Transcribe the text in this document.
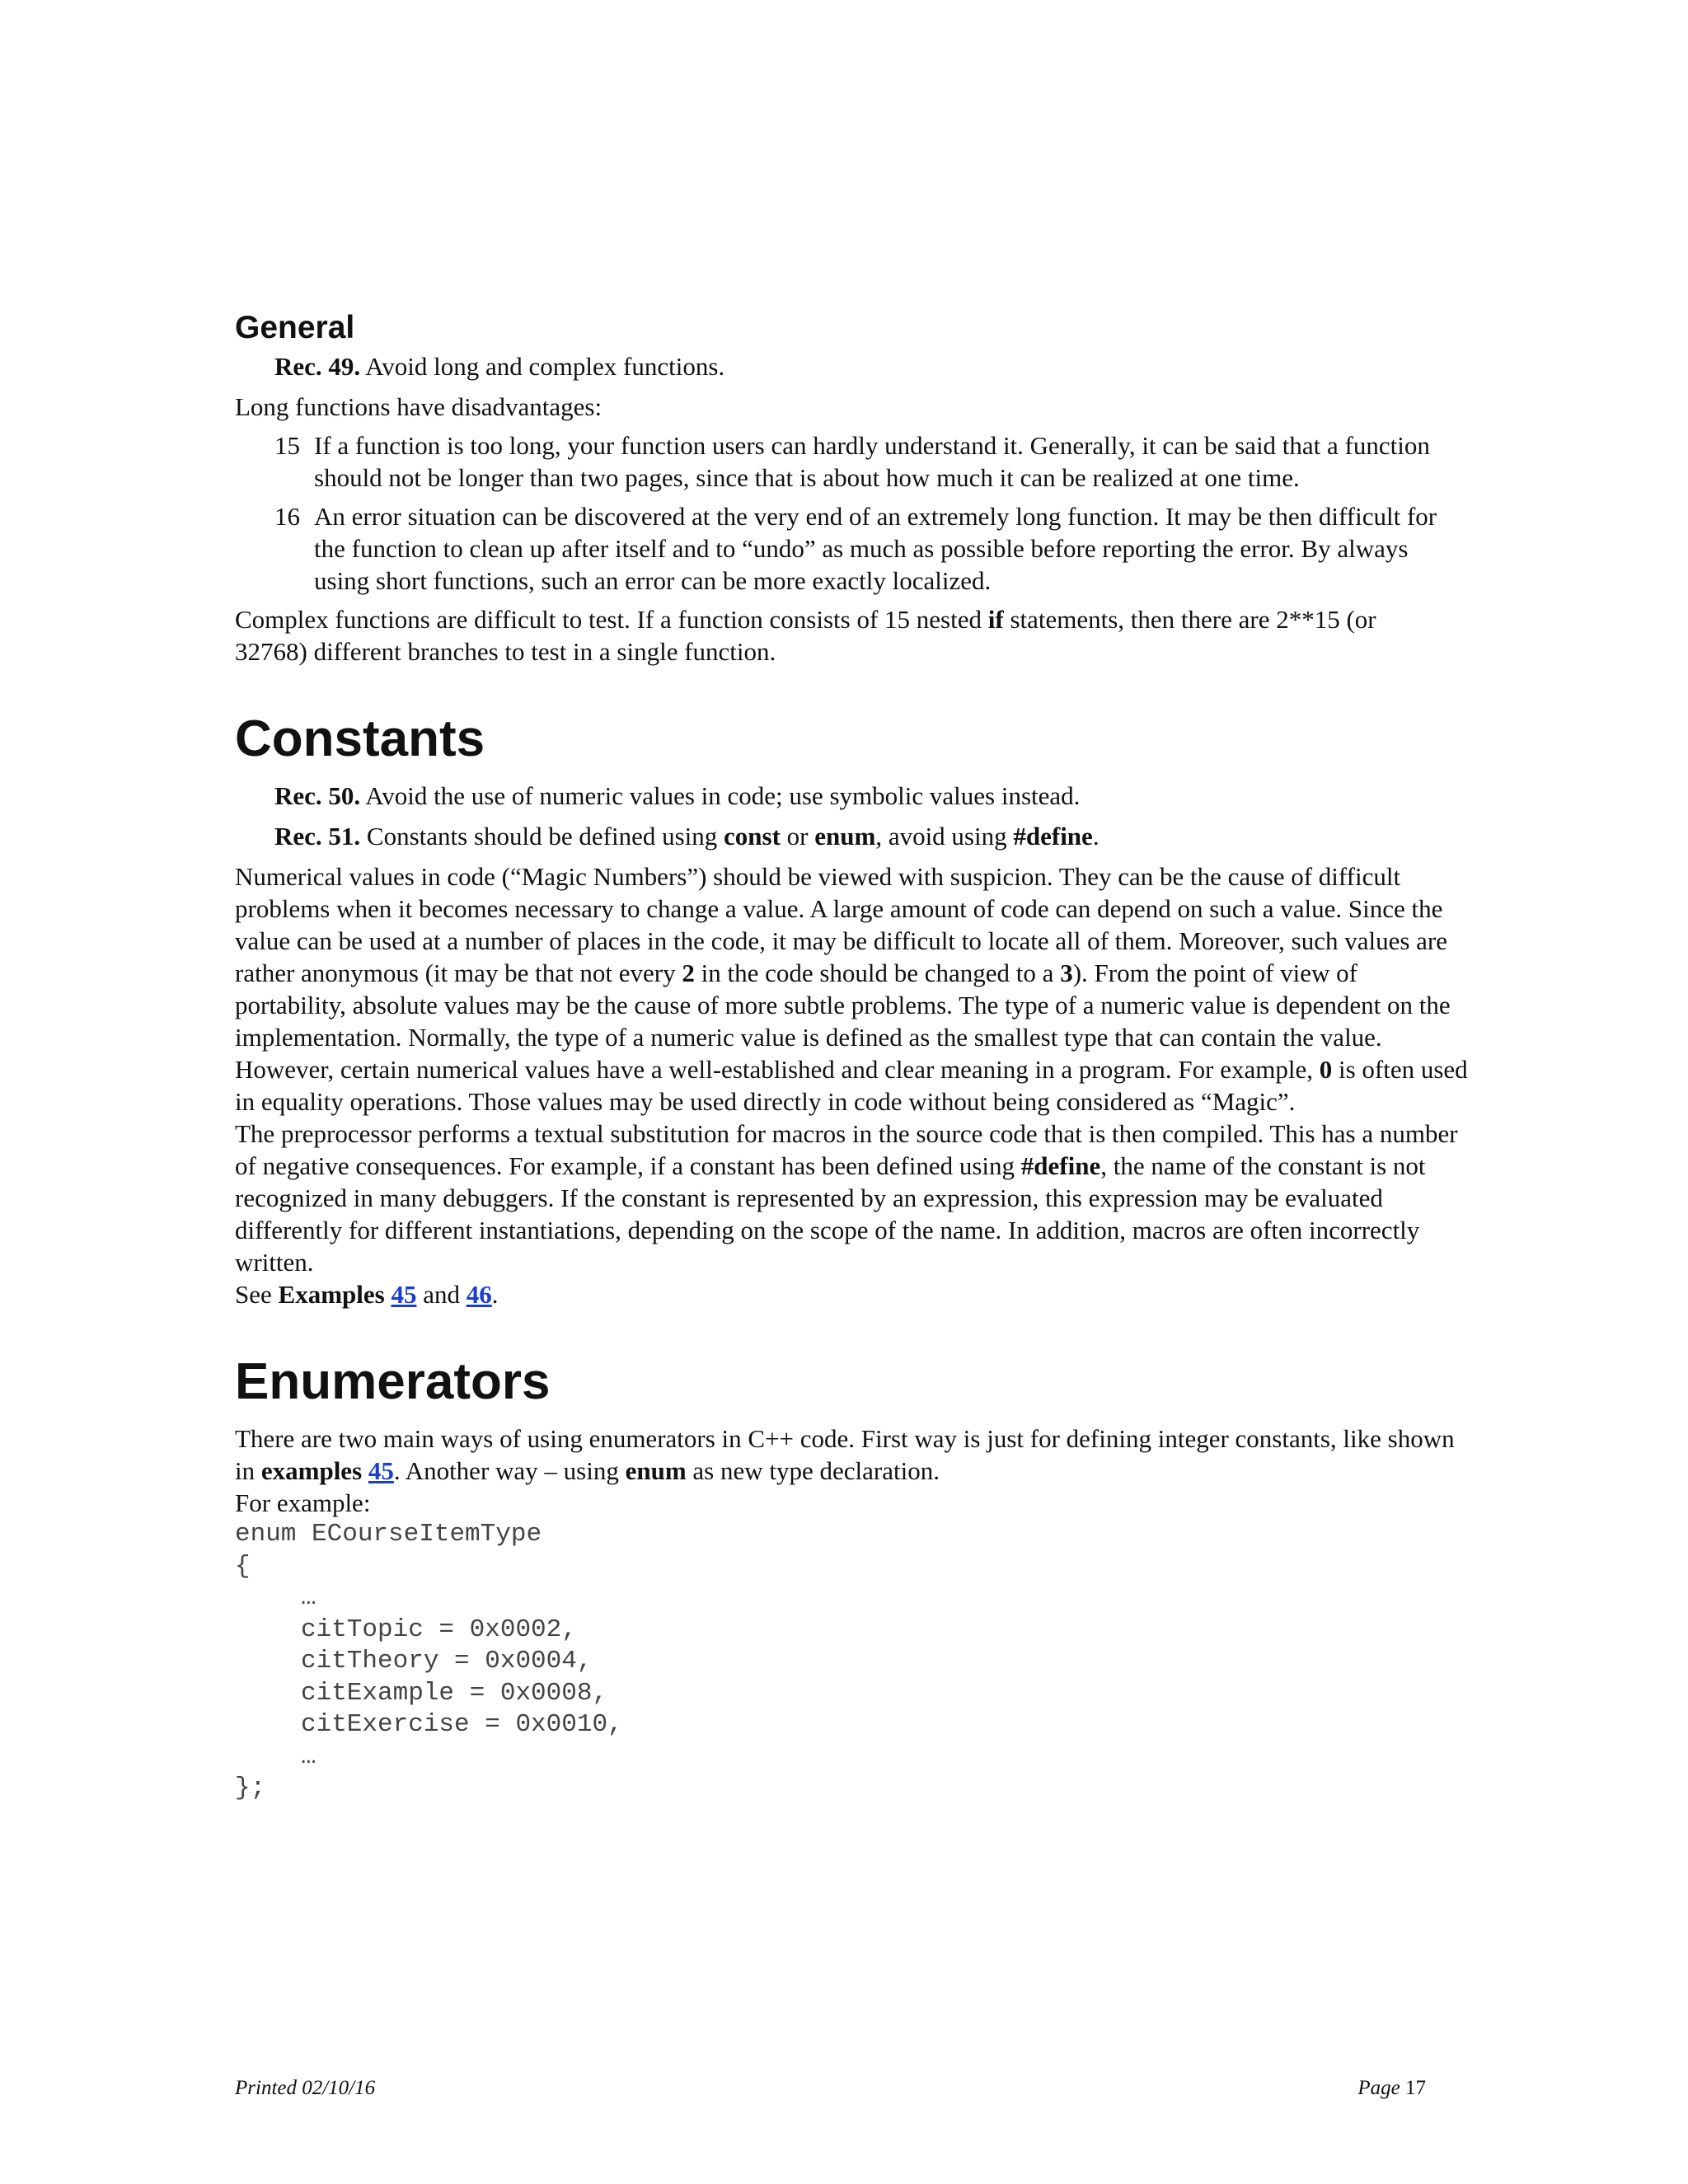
General

Rec. 49. Avoid long and complex functions.

Long functions have disadvantages:

15 If a function is too long, your function users can hardly understand it. Generally, it can be said that a function should not be longer than two pages, since that is about how much it can be realized at one time.
16 An error situation can be discovered at the very end of an extremely long function. It may be then difficult for the function to clean up after itself and to “undo” as much as possible before reporting the error. By always using short functions, such an error can be more exactly localized.

Complex functions are difficult to test. If a function consists of 15 nested if statements, then there are 2**15 (or 32768) different branches to test in a single function.

Constants

Rec. 50. Avoid the use of numeric values in code; use symbolic values instead.

Rec. 51. Constants should be defined using const or enum, avoid using #define.

Numerical values in code (“Magic Numbers”) should be viewed with suspicion. They can be the cause of difficult problems when it becomes necessary to change a value. A large amount of code can depend on such a value. Since the value can be used at a number of places in the code, it may be difficult to locate all of them. Moreover, such values are rather anonymous (it may be that not every 2 in the code should be changed to a 3). From the point of view of portability, absolute values may be the cause of more subtle problems. The type of a numeric value is dependent on the implementation. Normally, the type of a numeric value is defined as the smallest type that can contain the value.

However, certain numerical values have a well-established and clear meaning in a program. For example, 0 is often used in equality operations. Those values may be used directly in code without being considered as “Magic”.

The preprocessor performs a textual substitution for macros in the source code that is then compiled. This has a number of negative consequences. For example, if a constant has been defined using #define, the name of the constant is not recognized in many debuggers. If the constant is represented by an expression, this expression may be evaluated differently for different instantiations, depending on the scope of the name. In addition, macros are often incorrectly written.

See Examples 45 and 46.

Enumerators

There are two main ways of using enumerators in C++ code. First way is just for defining integer constants, like shown in examples 45. Another way – using enum as new type declaration.

For example:

enum ECourseItemType
{
…
citTopic = 0x0002,
citTheory = 0x0004,
citExample = 0x0008,
citExercise = 0x0010,
…
};
Printed 02/10/16	Page 17
